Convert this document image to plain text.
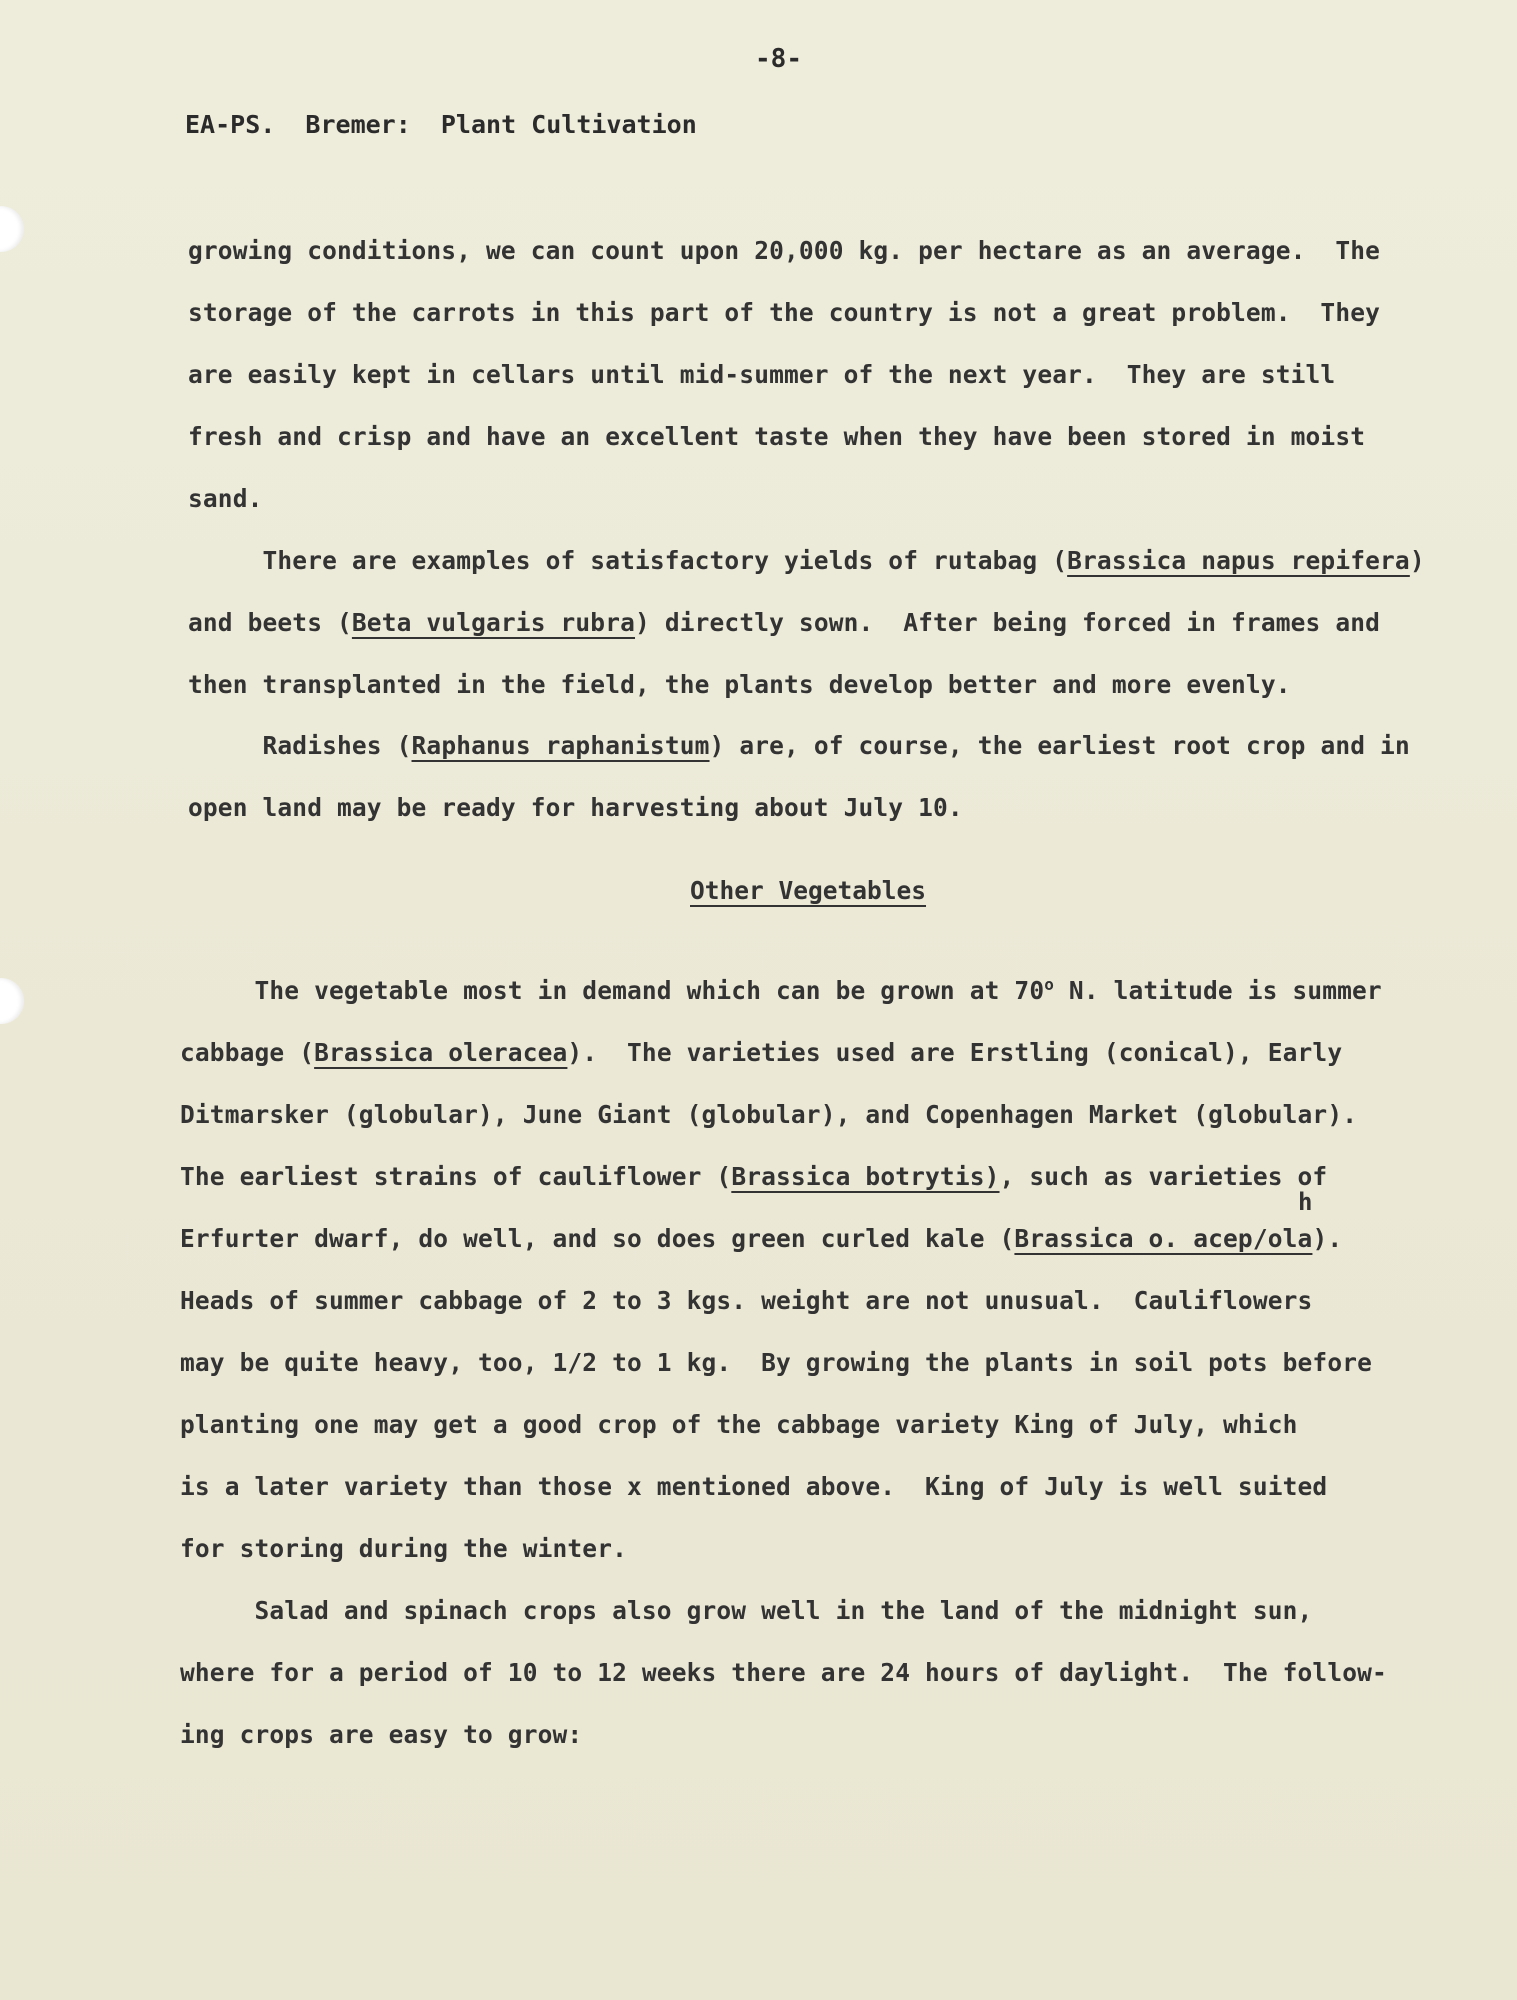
-8-
EA-PS.  Bremer:  Plant Cultivation
growing conditions, we can count upon 20,000 kg. per hectare as an average.  The
storage of the carrots in this part of the country is not a great problem.  They
are easily kept in cellars until mid-summer of the next year.  They are still
fresh and crisp and have an excellent taste when they have been stored in moist
sand.
There are examples of satisfactory yields of rutabag (Brassica napus repifera)
and beets (Beta vulgaris rubra) directly sown.  After being forced in frames and
then transplanted in the field, the plants develop better and more evenly.
Radishes (Raphanus raphanistum) are, of course, the earliest root crop and in
open land may be ready for harvesting about July 10.
Other Vegetables
The vegetable most in demand which can be grown at 70$^o$ N. latitude is summer
cabbage (Brassica oleracea).  The varieties used are Erstling (conical), Early
Ditmarsker (globular), June Giant (globular), and Copenhagen Market (globular).
The earliest strains of cauliflower (Brassica botrytis), such as varieties of
Erfurter dwarf, do well, and so does green curled kale (Brassica o. acep/ola).
Heads of summer cabbage of 2 to 3 kgs. weight are not unusual.  Cauliflowers
may be quite heavy, too, 1/2 to 1 kg.  By growing the plants in soil pots before
planting one may get a good crop of the cabbage variety King of July, which
is a later variety than those x mentioned above.  King of July is well suited
for storing during the winter.
h
Salad and spinach crops also grow well in the land of the midnight sun,
where for a period of 10 to 12 weeks there are 24 hours of daylight.  The follow-
ing crops are easy to grow:
